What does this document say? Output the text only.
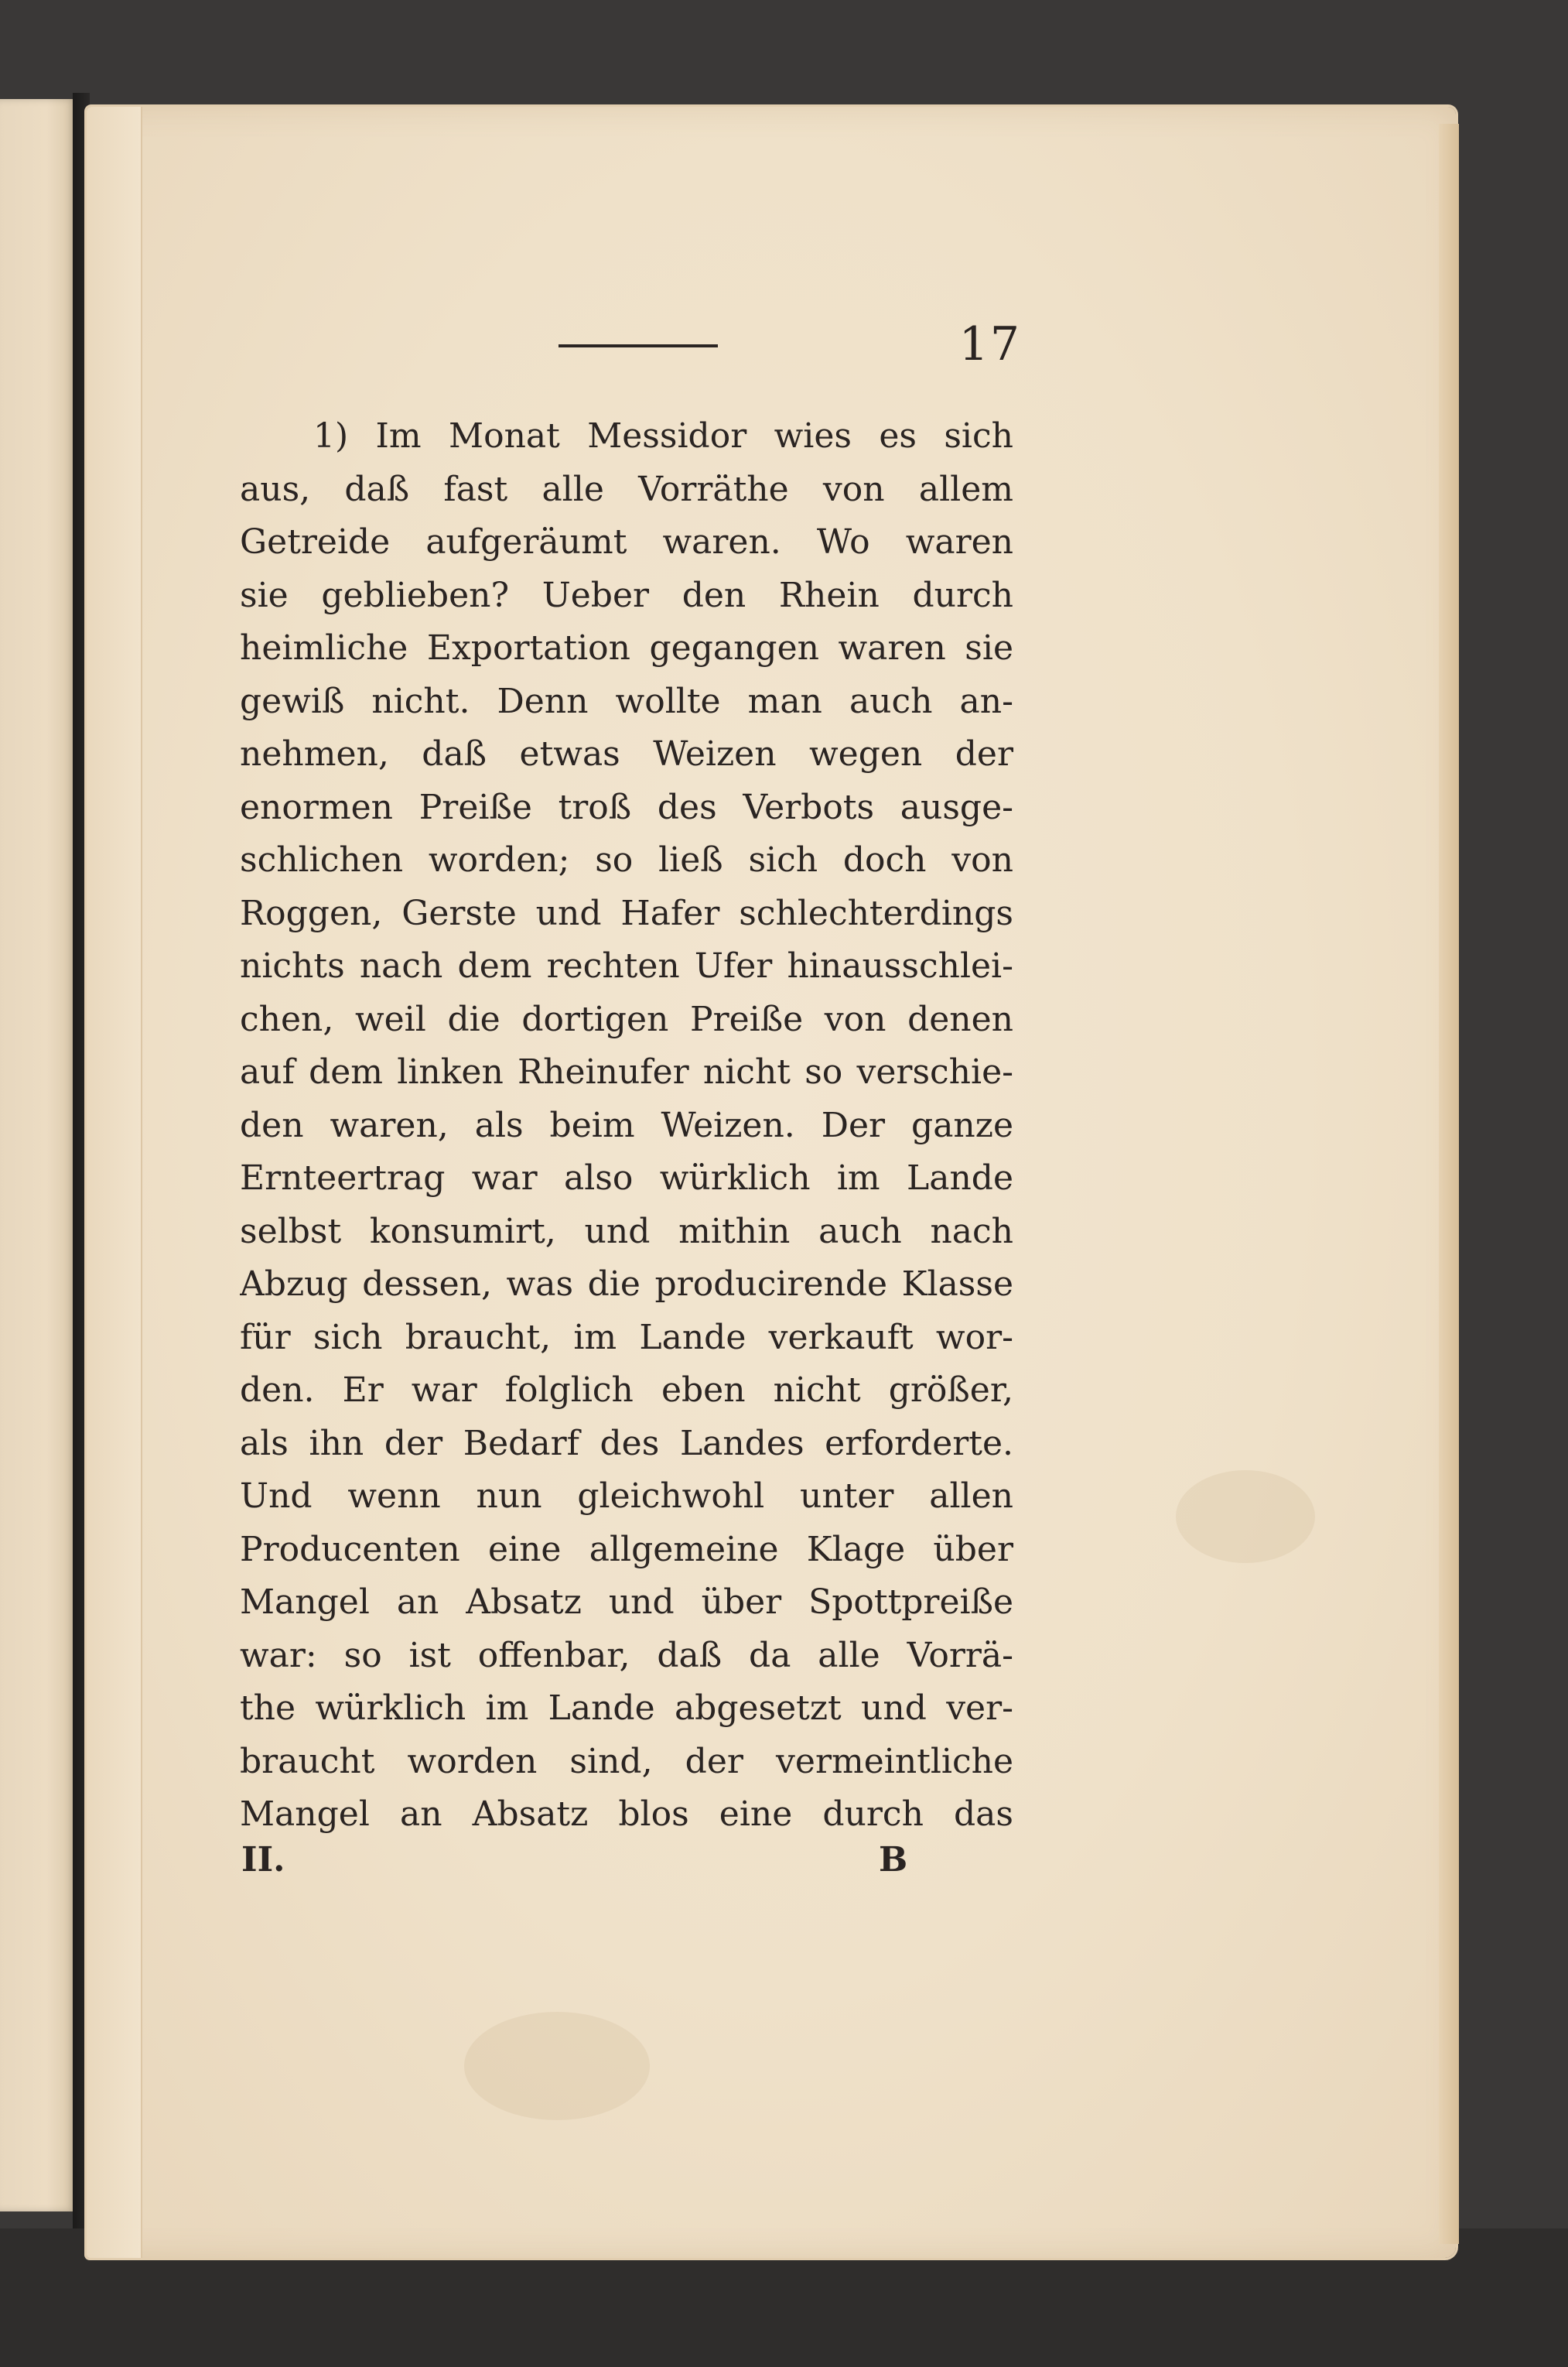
17
1) Im Monat Messidor wies es sich
aus, daß fast alle Vorräthe von allem
Getreide aufgeräumt waren. Wo waren
sie geblieben? Ueber den Rhein durch
heimliche Exportation gegangen waren sie
gewiß nicht. Denn wollte man auch an-
nehmen, daß etwas Weizen wegen der
enormen Preiße troß des Verbots ausge-
schlichen worden; so ließ sich doch von
Roggen, Gerste und Hafer schlechterdings
nichts nach dem rechten Ufer hinausschlei-
chen, weil die dortigen Preiße von denen
auf dem linken Rheinufer nicht so verschie-
den waren, als beim Weizen. Der ganze
Ernteertrag war also würklich im Lande
selbst konsumirt, und mithin auch nach
Abzug dessen, was die producirende Klasse
für sich braucht, im Lande verkauft wor-
den. Er war folglich eben nicht größer,
als ihn der Bedarf des Landes erforderte.
Und wenn nun gleichwohl unter allen
Producenten eine allgemeine Klage über
Mangel an Absatz und über Spottpreiße
war: so ist offenbar, daß da alle Vorrä-
the würklich im Lande abgesetzt und ver-
braucht worden sind, der vermeintliche
Mangel an Absatz blos eine durch das
II.	B
